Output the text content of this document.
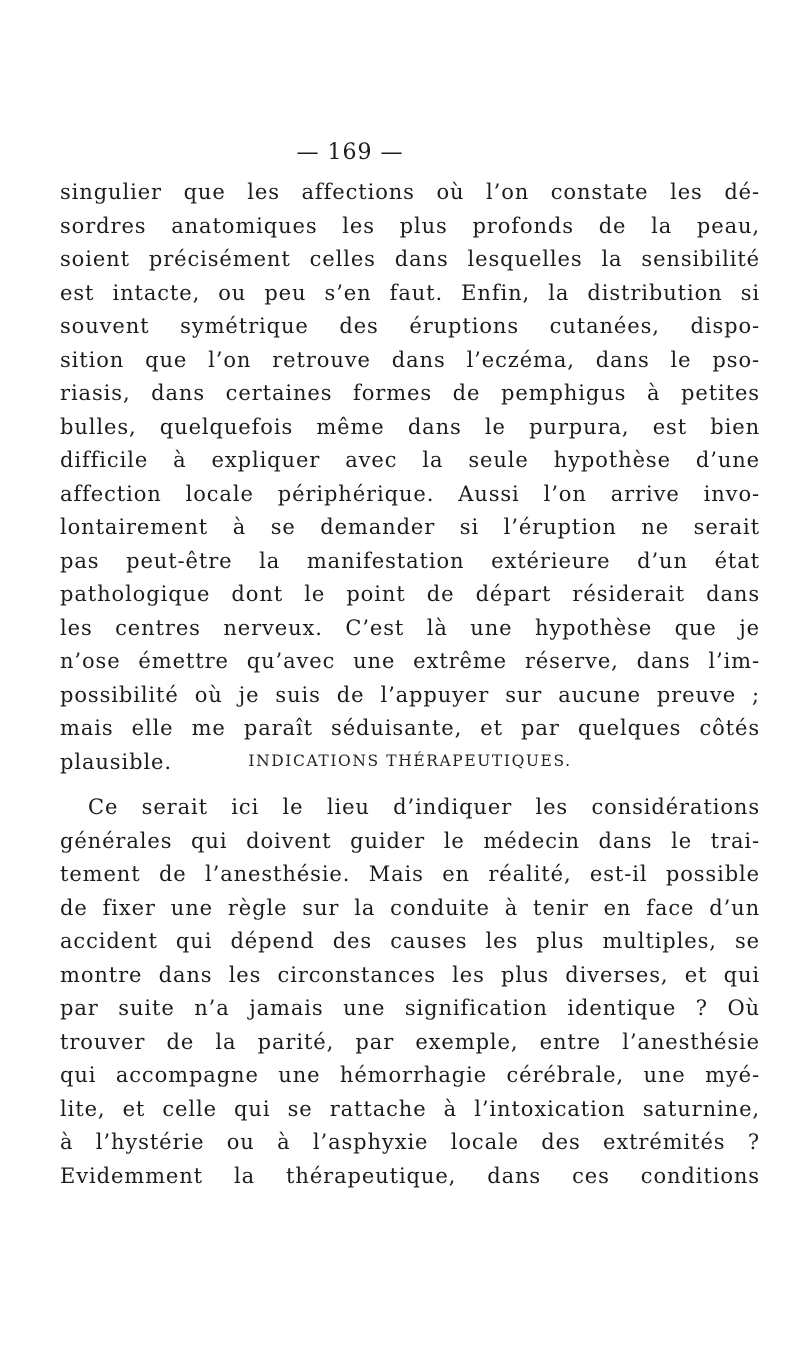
— 169 —
singulier que les affections où l’on constate les dé-
sordres anatomiques les plus profonds de la peau,
soient précisément celles dans lesquelles la sensibilité
est intacte, ou peu s’en faut. Enfin, la distribution si
souvent symétrique des éruptions cutanées, dispo-
sition que l’on retrouve dans l’eczéma, dans le pso-
riasis, dans certaines formes de pemphigus à petites
bulles, quelquefois même dans le purpura, est bien
difficile à expliquer avec la seule hypothèse d’une
affection locale périphérique. Aussi l’on arrive invo-
lontairement à se demander si l’éruption ne serait
pas peut-être la manifestation extérieure d’un état
pathologique dont le point de départ résiderait dans
les centres nerveux. C’est là une hypothèse que je
n’ose émettre qu’avec une extrême réserve, dans l’im-
possibilité où je suis de l’appuyer sur aucune preuve ;
mais elle me paraît séduisante, et par quelques côtés
plausible.	INDICATIONS THÉRAPEUTIQUES.
Ce serait ici le lieu d’indiquer les considérations
générales qui doivent guider le médecin dans le trai-
tement de l’anesthésie. Mais en réalité, est-il possible
de fixer une règle sur la conduite à tenir en face d’un
accident qui dépend des causes les plus multiples, se
montre dans les circonstances les plus diverses, et qui
par suite n’a jamais une signification identique ? Où
trouver de la parité, par exemple, entre l’anesthésie
qui accompagne une hémorrhagie cérébrale, une myé-
lite, et celle qui se rattache à l’intoxication saturnine,
à l’hystérie ou à l’asphyxie locale des extrémités ?
Evidemment la thérapeutique, dans ces conditions
